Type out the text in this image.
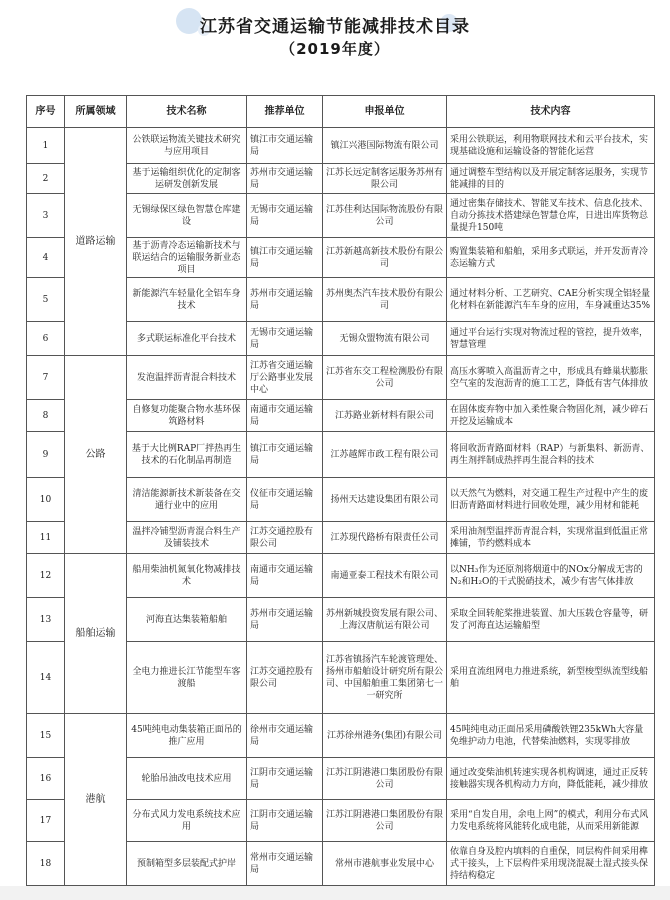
江苏省交通运输节能减排技术目录
（2019年度）
序号	所属领域	技术名称	推荐单位	申报单位	技术内容
1	道路运输	公铁联运物流关键技术研究与应用项目	镇江市交通运输局	镇江兴港国际物流有限公司	采用公铁联运，利用物联网技术和云平台技术，实现基础设施和运输设备的智能化运营
2		基于运输组织优化的定制客运研发创新发展	苏州市交通运输局	江苏长远定制客运服务苏州有限公司	通过调整车型结构以及开展定制客运服务，实现节能减排的目的
3		无锡绿保区绿色智慧仓库建设	无锡市交通运输局	江苏佳利达国际物流股份有限公司	通过密集存储技术、智能叉车技术、信息化技术、自动分拣技术搭建绿色智慧仓库，日进出库货物总量提升150吨
4		基于沥青冷态运输新技术与联运结合的运输服务新业态项目	镇江市交通运输局	江苏新越高新技术股份有限公司	购置集装箱和船舶，采用多式联运，并开发沥青冷态运输方式
5		新能源汽车轻量化全铝车身技术	苏州市交通运输局	苏州奥杰汽车技术股份有限公司	通过材料分析、工艺研究、CAE分析实现全铝轻量化材料在新能源汽车车身的应用，车身减重达35%
6		多式联运标准化平台技术	无锡市交通运输局	无锡众盟物流有限公司	通过平台运行实现对物流过程的管控，提升效率，智慧管理
7	公路	发泡温拌沥青混合料技术	江苏省交通运输厅公路事业发展中心	江苏省东交工程检测股份有限公司	高压水雾喷入高温沥青之中，形成具有蜂巢状膨胀空气室的发泡沥青的施工工艺，降低有害气体排放
8		自修复功能聚合物水基环保筑路材料	南通市交通运输局	江苏路业新材料有限公司	在固体废弃物中加入柔性聚合物固化剂，减少碎石开挖及运输成本
9		基于大比例RAP厂拌热再生技术的石化制品再制造	镇江市交通运输局	江苏越辉市政工程有限公司	将回收沥青路面材料（RAP）与新集料、新沥青、再生剂拌制成热拌再生混合料的技术
10		清洁能源新技术新装备在交通行业中的应用	仪征市交通运输局	扬州天达建设集团有限公司	以天然气为燃料，对交通工程生产过程中产生的废旧沥青路面材料进行回收处理，减少用材和能耗
11		温拌冷铺型沥青混合料生产及铺装技术	江苏交通控股有限公司	江苏现代路桥有限责任公司	采用油剂型温拌沥青混合料，实现常温到低温正常摊铺，节约燃料成本
12	船舶运输	船用柴油机氮氧化物减排技术	南通市交通运输局	南通亚泰工程技术有限公司	以NH₃作为还原剂将烟道中的NOx分解成无害的N₂和H₂O的干式脱硝技术，减少有害气体排放
13		河海直达集装箱船舶	苏州市交通运输局	苏州新城投资发展有限公司、上海汉唐航运有限公司	采取全回转舵桨推进装置、加大压载仓容量等，研发了河海直达运输船型
14		全电力推进长江节能型车客渡船	江苏交通控股有限公司	江苏省镇扬汽车轮渡管理处、扬州市船舶设计研究所有限公司、中国船舶重工集团第七一一研究所	采用直流组网电力推进系统，新型梭型纵流型线船舶
15	港航	45吨纯电动集装箱正面吊的推广应用	徐州市交通运输局	江苏徐州港务(集团)有限公司	45吨纯电动正面吊采用磷酸铁锂235kWh大容量免维护动力电池，代替柴油燃料，实现零排放
16		轮胎吊油改电技术应用	江阴市交通运输局	江苏江阴港港口集团股份有限公司	通过改变柴油机转速实现各机构调速，通过正反转接触器实现各机构动力方向，降低能耗，减少排放
17		分布式风力发电系统技术应用	江阴市交通运输局	江苏江阴港港口集团股份有限公司	采用“自发自用，余电上网”的模式，利用分布式风力发电系统将风能转化成电能，从而采用新能源
18		预制箱型多层装配式护岸	常州市交通运输局	常州市港航事业发展中心	依靠自身及腔内填料的自重保，同层构件间采用榫式干接头，上下层构件采用现浇混凝土湿式接头保持结构稳定
